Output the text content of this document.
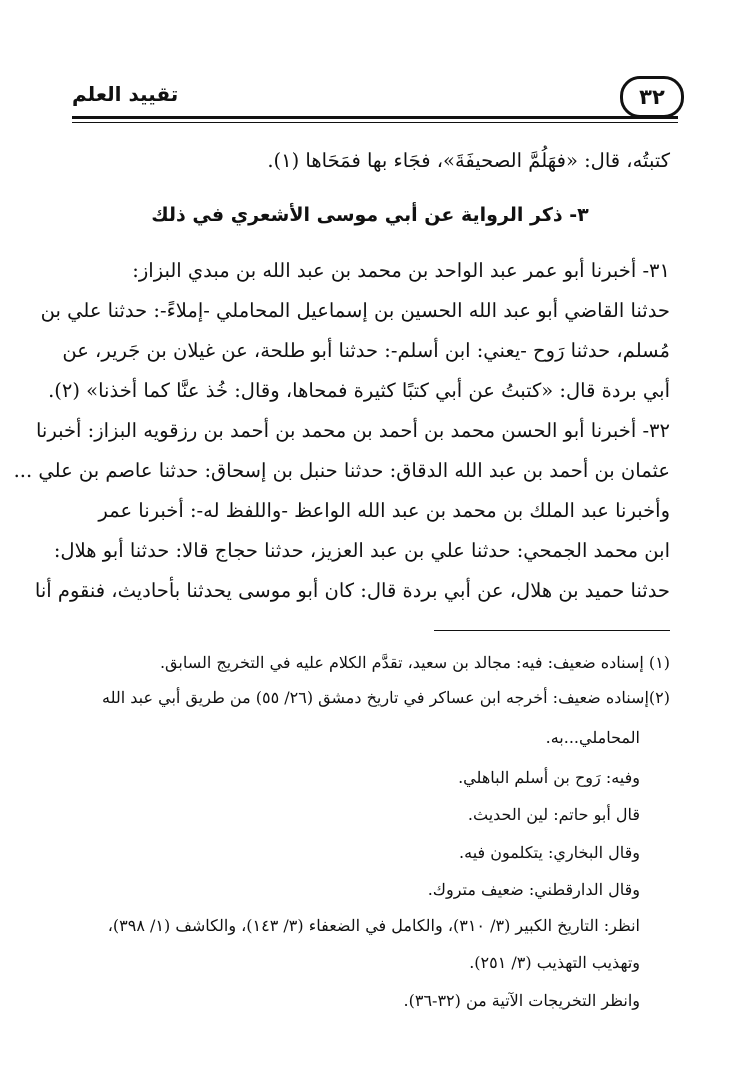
٣٢
تقييد العلم
كتبتُه، قال: «فهَلُمَّ الصحيفَةَ»، فجَاء بها فمَحَاها (١).
٣- ذكر الرواية عن أبي موسى الأشعري في ذلك
٣١- أخبرنا أبو عمر عبد الواحد بن محمد بن عبد الله بن مبدي البزاز:
حدثنا القاضي أبو عبد الله الحسين بن إسماعيل المحاملي -إملاءً-: حدثنا علي بن
مُسلم، حدثنا رَوح -يعني: ابن أسلم-: حدثنا أبو طلحة، عن غيلان بن جَرير، عن
أبي بردة قال: «كتبتُ عن أبي كتبًا كثيرة فمحاها، وقال: خُذ عنَّا كما أخذنا» (٢).
٣٢- أخبرنا أبو الحسن محمد بن أحمد بن محمد بن أحمد بن رزقويه البزاز: أخبرنا
عثمان بن أحمد بن عبد الله الدقاق: حدثنا حنبل بن إسحاق: حدثنا عاصم بن علي ...
وأخبرنا عبد الملك بن محمد بن عبد الله الواعظ -واللفظ له-: أخبرنا عمر
ابن محمد الجمحي: حدثنا علي بن عبد العزيز، حدثنا حجاج قالا: حدثنا أبو هلال:
حدثنا حميد بن هلال، عن أبي بردة قال: كان أبو موسى يحدثنا بأحاديث، فنقوم أنا
(١) إسناده ضعيف: فيه: مجالد بن سعيد، تقدَّم الكلام عليه في التخريج السابق.
(٢)إسناده ضعيف: أخرجه ابن عساكر في تاريخ دمشق (٢٦/ ٥٥) من طريق أبي عبد الله
المحاملي...به.
وفيه: رَوح بن أسلم الباهلي.
قال أبو حاتم: لين الحديث.
وقال البخاري: يتكلمون فيه.
وقال الدارقطني: ضعيف متروك.
انظر: التاريخ الكبير (٣/ ٣١٠)، والكامل في الضعفاء (٣/ ١٤٣)، والكاشف (١/ ٣٩٨)،
وتهذيب التهذيب (٣/ ٢٥١).
وانظر التخريجات الآتية من (٣٢-٣٦).
